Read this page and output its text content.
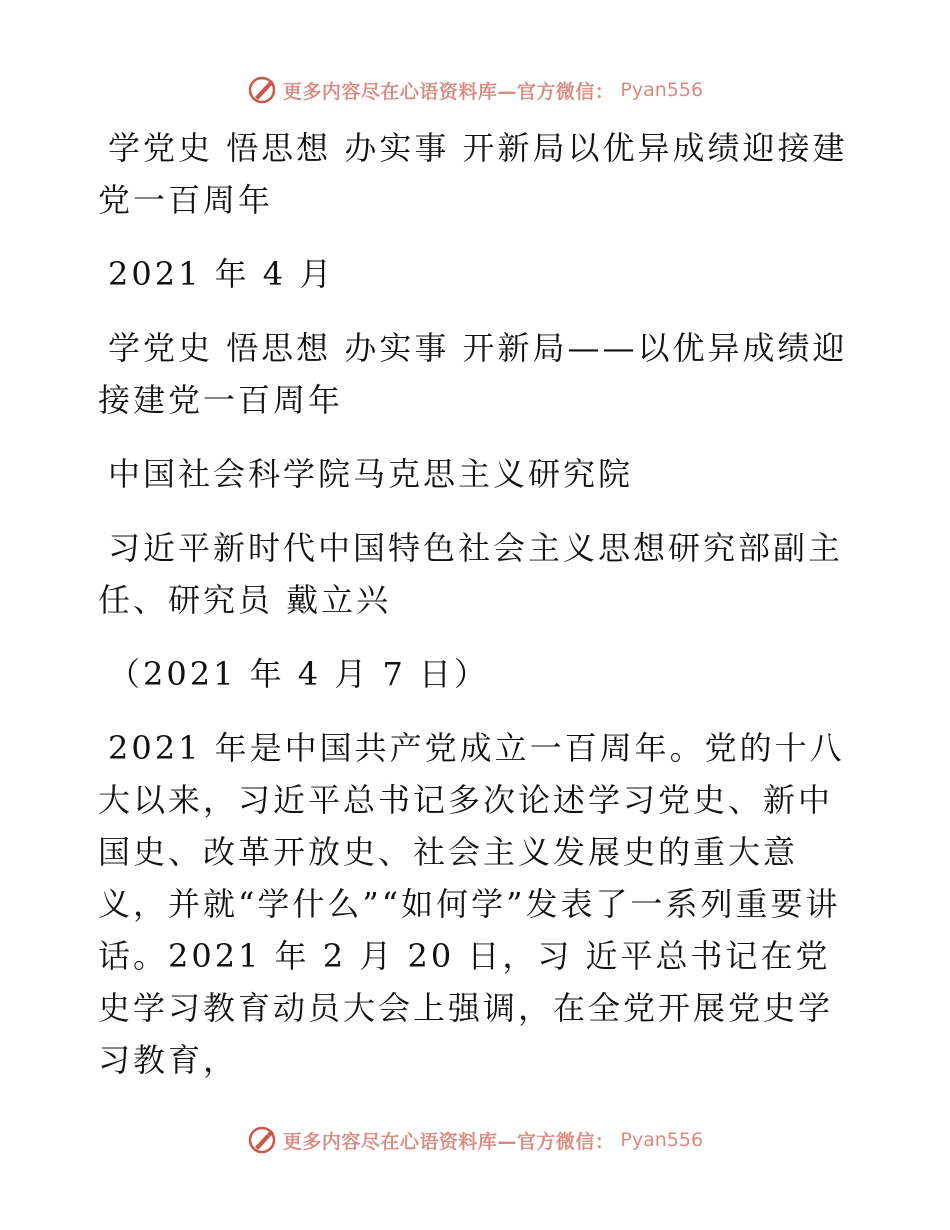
更多内容尽在心语资料库—官方微信： Pyan556

学党史 悟思想 办实事 开新局以优异成绩迎接建党一百周年

2021 年 4 月

学党史 悟思想 办实事 开新局——以优异成绩迎接建党一百周年

中国社会科学院马克思主义研究院

习近平新时代中国特色社会主义思想研究部副主任、研究员 戴立兴

（2021 年 4 月 7 日）

2021 年是中国共产党成立一百周年。党的十八大以来，习近平总书记多次论述学习党史、新中国史、改革开放史、社会主义发展史的重大意义，并就“学什么”“如何学”发表了一系列重要讲话。2021 年 2 月 20 日，习 近平总书记在党史学习教育动员大会上强调，在全党开展党史学习教育，

更多内容尽在心语资料库—官方微信： Pyan556
